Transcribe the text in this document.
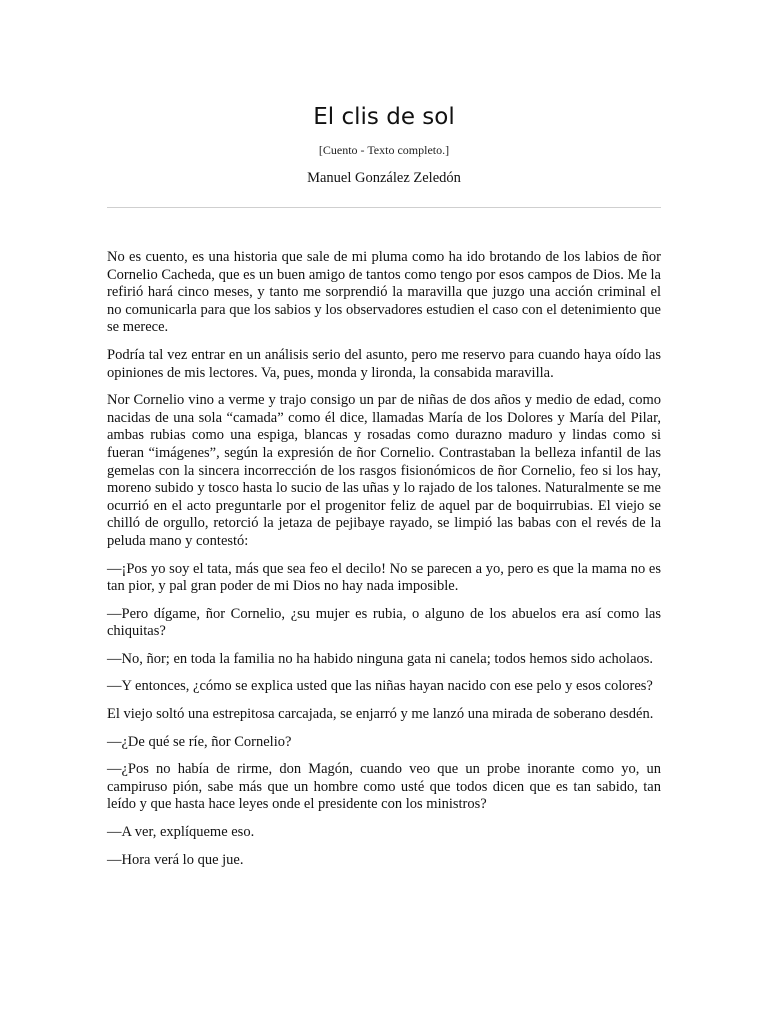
El clis de sol
[Cuento - Texto completo.]
Manuel González Zeledón

No es cuento, es una historia que sale de mi pluma como ha ido brotando de los labios de ñor Cornelio Cacheda, que es un buen amigo de tantos como tengo por esos campos de Dios. Me la refirió hará cinco meses, y tanto me sorprendió la maravilla que juzgo una acción criminal el no comunicarla para que los sabios y los observadores estudien el caso con el detenimiento que se merece.

Podría tal vez entrar en un análisis serio del asunto, pero me reservo para cuando haya oído las opiniones de mis lectores. Va, pues, monda y lironda, la consabida maravilla.

Nor Cornelio vino a verme y trajo consigo un par de niñas de dos años y medio de edad, como nacidas de una sola “camada” como él dice, llamadas María de los Dolores y María del Pilar, ambas rubias como una espiga, blancas y rosadas como durazno maduro y lindas como si fueran “imágenes”, según la expresión de ñor Cornelio. Contrastaban la belleza infantil de las gemelas con la sincera incorrección de los rasgos fisionómicos de ñor Cornelio, feo si los hay, moreno subido y tosco hasta lo sucio de las uñas y lo rajado de los talones. Naturalmente se me ocurrió en el acto preguntarle por el progenitor feliz de aquel par de boquirrubias. El viejo se chilló de orgullo, retorció la jetaza de pejibaye rayado, se limpió las babas con el revés de la peluda mano y contestó:

—¡Pos yo soy el tata, más que sea feo el decilo! No se parecen a yo, pero es que la mama no es tan pior, y pal gran poder de mi Dios no hay nada imposible.

—Pero dígame, ñor Cornelio, ¿su mujer es rubia, o alguno de los abuelos era así como las chiquitas?

—No, ñor; en toda la familia no ha habido ninguna gata ni canela; todos hemos sido acholaos.

—Y entonces, ¿cómo se explica usted que las niñas hayan nacido con ese pelo y esos colores?

El viejo soltó una estrepitosa carcajada, se enjarró y me lanzó una mirada de soberano desdén.

—¿De qué se ríe, ñor Cornelio?

—¿Pos no había de rirme, don Magón, cuando veo que un probe inorante como yo, un campiruso pión, sabe más que un hombre como usté que todos dicen que es tan sabido, tan leído y que hasta hace leyes onde el presidente con los ministros?

—A ver, explíqueme eso.

—Hora verá lo que jue.
